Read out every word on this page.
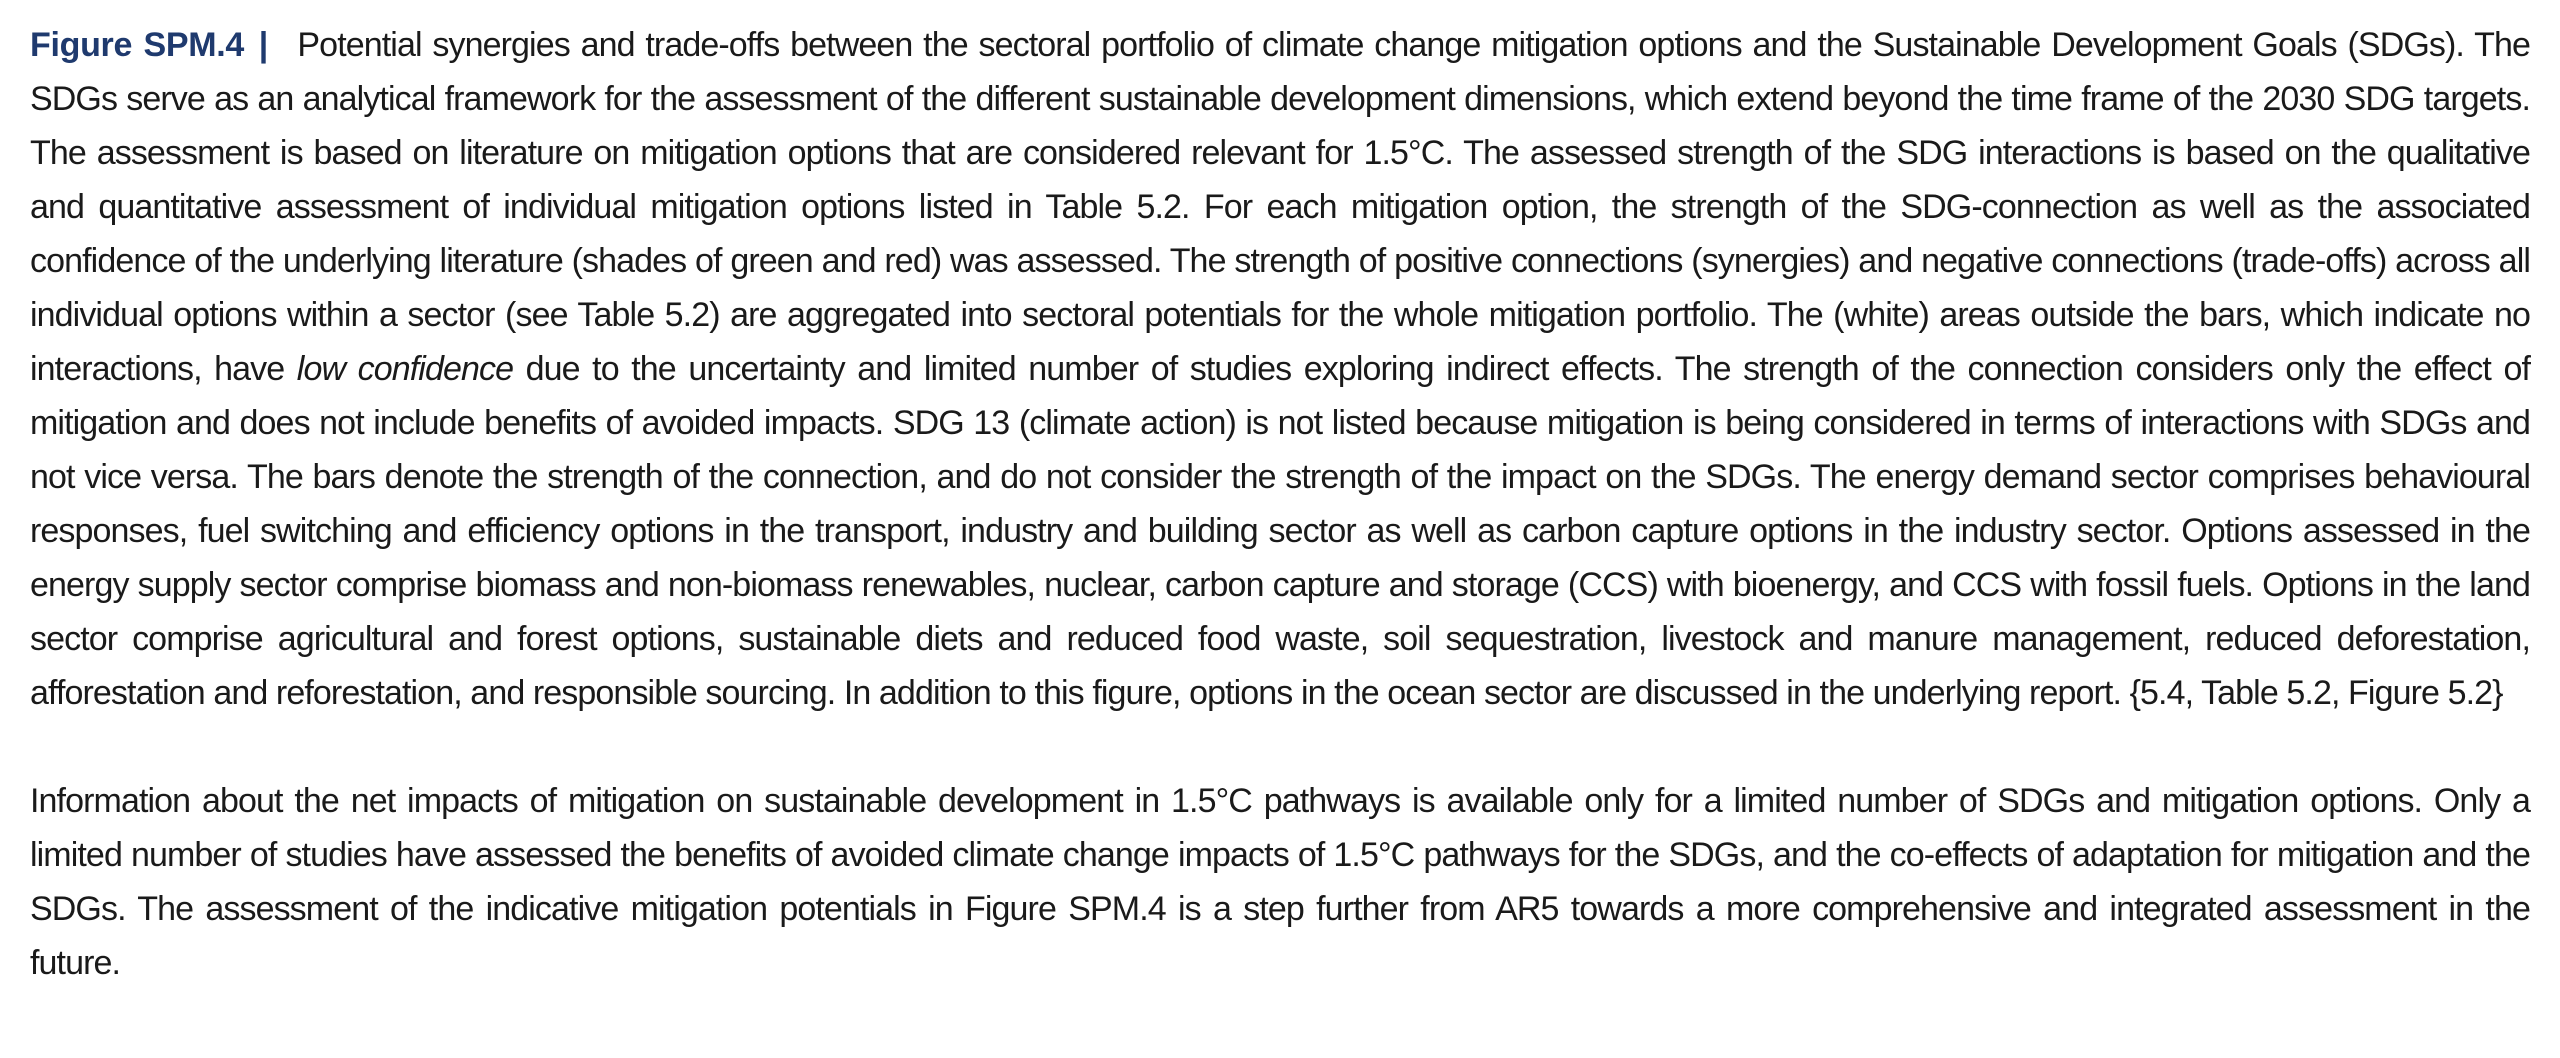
Figure SPM.4 | Potential synergies and trade-offs between the sectoral portfolio of climate change mitigation options and the Sustainable Development Goals (SDGs). The SDGs serve as an analytical framework for the assessment of the different sustainable development dimensions, which extend beyond the time frame of the 2030 SDG targets. The assessment is based on literature on mitigation options that are considered relevant for 1.5°C. The assessed strength of the SDG interactions is based on the qualitative and quantitative assessment of individual mitigation options listed in Table 5.2. For each mitigation option, the strength of the SDG-connection as well as the associated confidence of the underlying literature (shades of green and red) was assessed. The strength of positive connections (synergies) and negative connections (trade-offs) across all individual options within a sector (see Table 5.2) are aggregated into sectoral potentials for the whole mitigation portfolio. The (white) areas outside the bars, which indicate no interactions, have low confidence due to the uncertainty and limited number of studies exploring indirect effects. The strength of the connection considers only the effect of mitigation and does not include benefits of avoided impacts. SDG 13 (climate action) is not listed because mitigation is being considered in terms of interactions with SDGs and not vice versa. The bars denote the strength of the connection, and do not consider the strength of the impact on the SDGs. The energy demand sector comprises behavioural responses, fuel switching and efficiency options in the transport, industry and building sector as well as carbon capture options in the industry sector. Options assessed in the energy supply sector comprise biomass and non-biomass renewables, nuclear, carbon capture and storage (CCS) with bioenergy, and CCS with fossil fuels. Options in the land sector comprise agricultural and forest options, sustainable diets and reduced food waste, soil sequestration, livestock and manure management, reduced deforestation, afforestation and reforestation, and responsible sourcing. In addition to this figure, options in the ocean sector are discussed in the underlying report. {5.4, Table 5.2, Figure 5.2}

Information about the net impacts of mitigation on sustainable development in 1.5°C pathways is available only for a limited number of SDGs and mitigation options. Only a limited number of studies have assessed the benefits of avoided climate change impacts of 1.5°C pathways for the SDGs, and the co-effects of adaptation for mitigation and the SDGs. The assessment of the indicative mitigation potentials in Figure SPM.4 is a step further from AR5 towards a more comprehensive and integrated assessment in the future.
